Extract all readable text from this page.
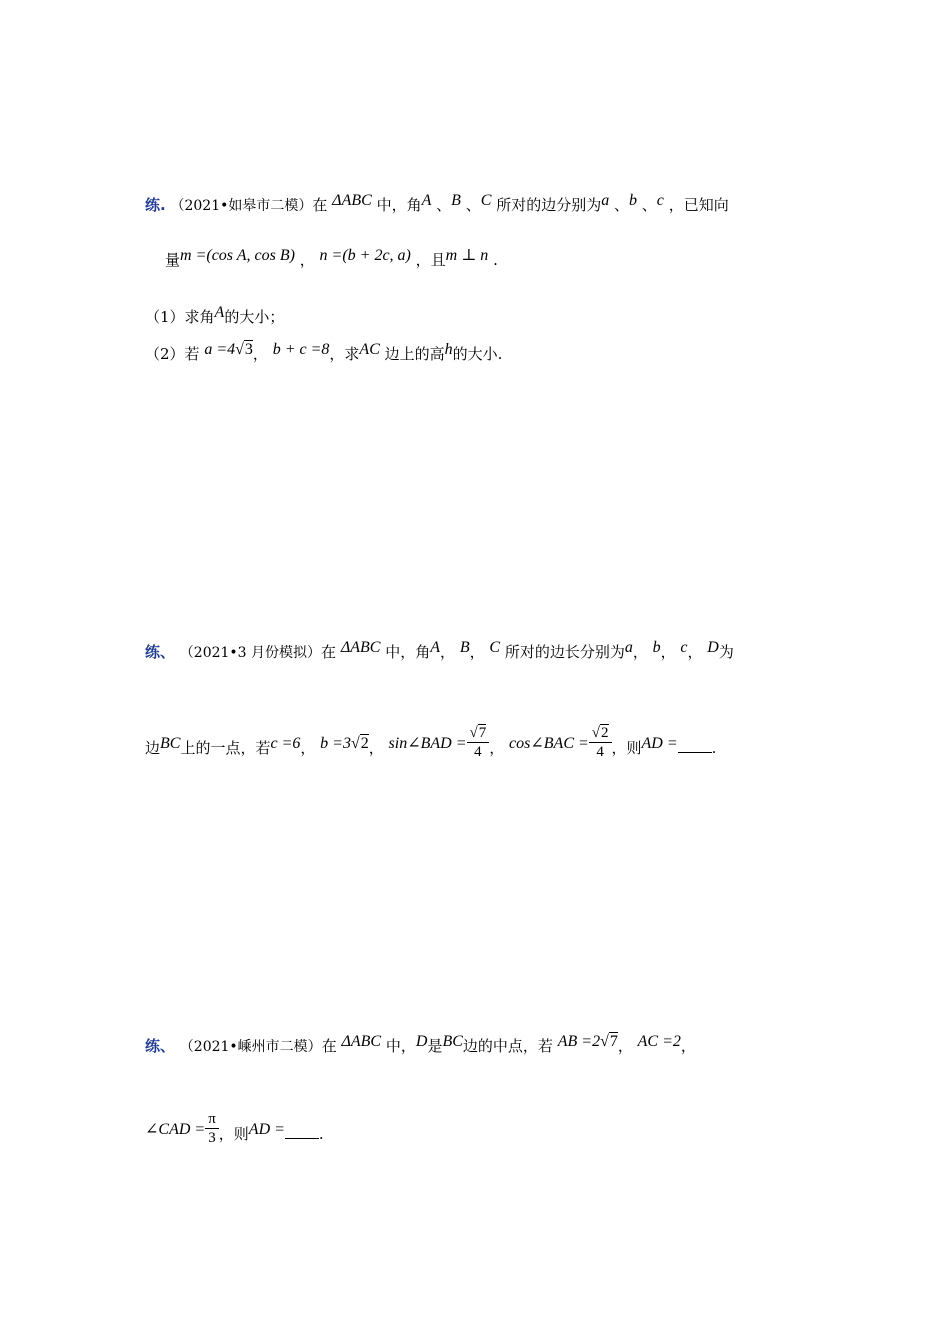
练. （2021•如皋市二模）在 ΔABC 中，角A 、B 、C 所对的边分别为a 、b 、c ，已知向
量m =(cos A, cos B) ， n =(b + 2c, a) ，且m ⊥ n .
（1）求角A的大小；
（2）若 a =4√3， b + c =8，求AC 边上的高h的大小.
练、 （2021•3 月份模拟）在 ΔABC 中，角A， B， C 所对的边长分别为a， b， c， D为
边BC上的一点，若c =6， b =3√2， sin∠BAD = $\frac{√7}{4}$ ， cos∠BAC = $\frac{√2}{4}$ ，则AD = .
练、 （2021•嵊州市二模）在 ΔABC 中，D是BC边的中点，若 AB =2√7， AC =2，
∠CAD = $\frac{\pi}{3}$ ，则AD = .
